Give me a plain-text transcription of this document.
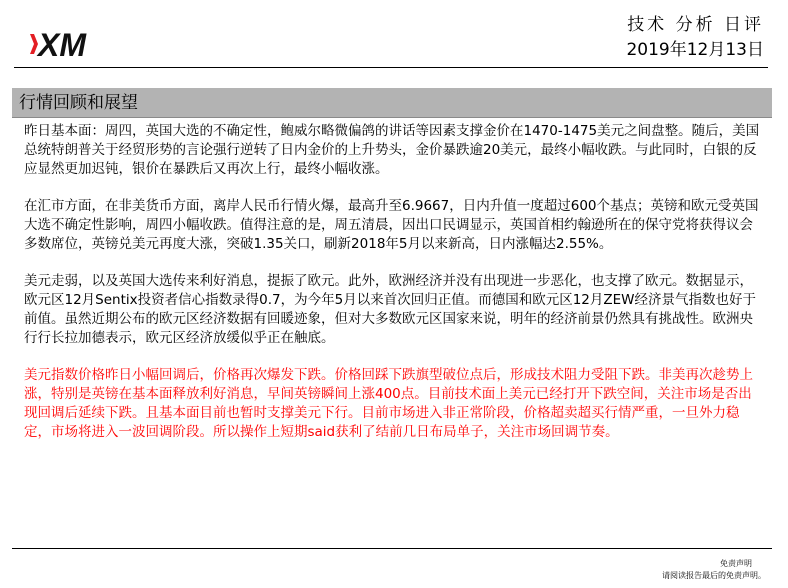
XM
技术 分析 日评
2019年12月13日
行情回顾和展望

昨日基本面：周四，英国大选的不确定性，鲍威尔略微偏鸽的讲话等因素支撑金价在1470-1475美元之间盘整。随后，美国总统特朗普关于经贸形势的言论强行逆转了日内金价的上升势头，金价暴跌逾20美元，最终小幅收跌。与此同时，白银的反应显然更加迟钝，银价在暴跌后又再次上行，最终小幅收涨。

在汇市方面，在非美货币方面，离岸人民币行情火爆，最高升至6.9667，日内升值一度超过600个基点；英镑和欧元受英国大选不确定性影响，周四小幅收跌。值得注意的是，周五清晨，因出口民调显示，英国首相约翰逊所在的保守党将获得议会多数席位，英镑兑美元再度大涨，突破1.35关口，刷新2018年5月以来新高，日内涨幅达2.55%。

美元走弱，以及英国大选传来利好消息，提振了欧元。此外，欧洲经济并没有出现进一步恶化，也支撑了欧元。数据显示，欧元区12月Sentix投资者信心指数录得0.7，为今年5月以来首次回归正值。而德国和欧元区12月ZEW经济景气指数也好于前值。虽然近期公布的欧元区经济数据有回暖迹象，但对大多数欧元区国家来说，明年的经济前景仍然具有挑战性。欧洲央行行长拉加德表示，欧元区经济放缓似乎正在触底。

美元指数价格昨日小幅回调后，价格再次爆发下跌。价格回踩下跌旗型破位点后，形成技术阻力受阻下跌。非美再次趁势上涨，特别是英镑在基本面释放利好消息，早间英镑瞬间上涨400点。目前技术面上美元已经打开下跌空间，关注市场是否出现回调后延续下跌。且基本面目前也暂时支撑美元下行。目前市场进入非正常阶段，价格超卖超买行情严重，一旦外力稳定，市场将进入一波回调阶段。所以操作上短期said获利了结前几日布局单子，关注市场回调节奏。

免责声明
请阅读报告最后的免责声明。
